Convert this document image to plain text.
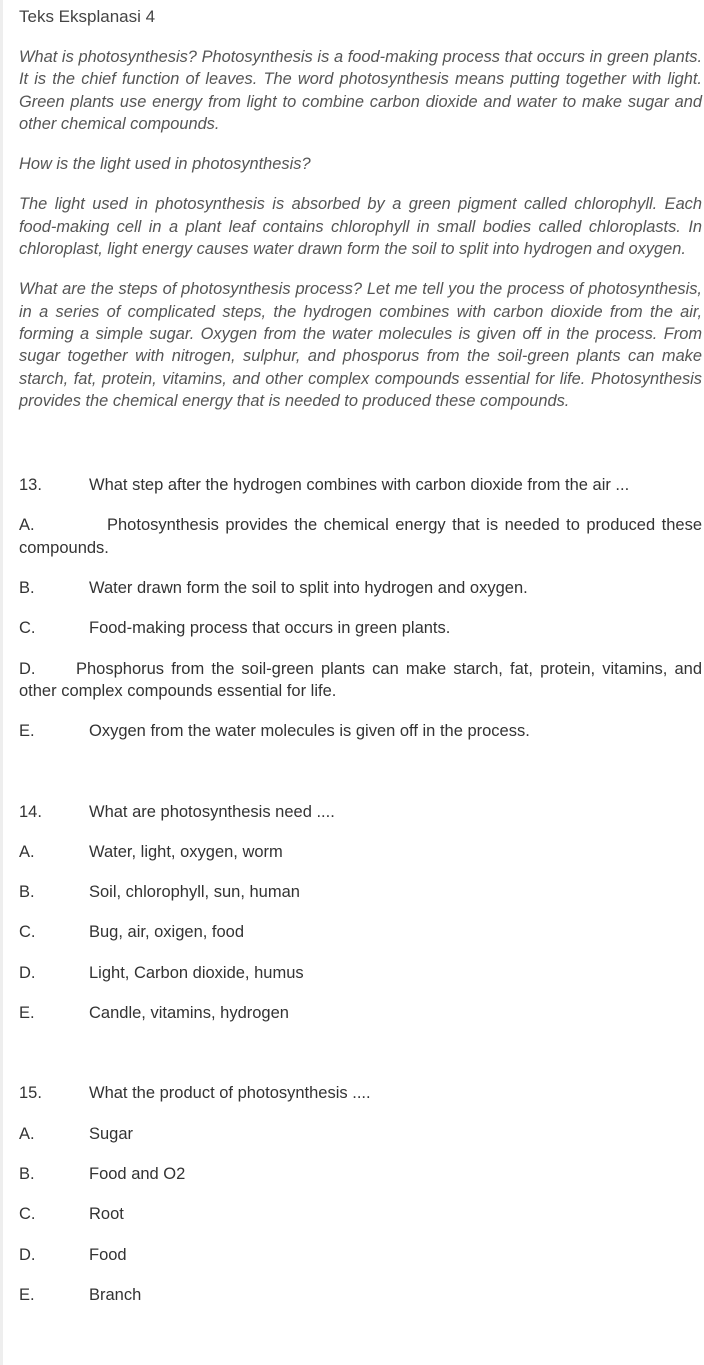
Teks Eksplanasi 4

What is photosynthesis? Photosynthesis is a food-making process that occurs in green plants. It is the chief function of leaves. The word photosynthesis means putting together with light. Green plants use energy from light to combine carbon dioxide and water to make sugar and other chemical compounds.

How is the light used in photosynthesis?

The light used in photosynthesis is absorbed by a green pigment called chlorophyll. Each food-making cell in a plant leaf contains chlorophyll in small bodies called chloroplasts. In chloroplast, light energy causes water drawn form the soil to split into hydrogen and oxygen.

What are the steps of photosynthesis process? Let me tell you the process of photosynthesis, in a series of complicated steps, the hydrogen combines with carbon dioxide from the air, forming a simple sugar. Oxygen from the water molecules is given off in the process. From sugar together with nitrogen, sulphur, and phosporus from the soil-green plants can make starch, fat, protein, vitamins, and other complex compounds essential for life. Photosynthesis provides the chemical energy that is needed to produced these compounds.

13.	What step after the hydrogen combines with carbon dioxide from the air ...
A.	Photosynthesis provides the chemical energy that is needed to produced these compounds.
B.	Water drawn form the soil to split into hydrogen and oxygen.
C.	Food-making process that occurs in green plants.
D. Phosphorus from the soil-green plants can make starch, fat, protein, vitamins, and other complex compounds essential for life.
E.	Oxygen from the water molecules is given off in the process.
14.	What are photosynthesis need ....
A.	Water, light, oxygen, worm
B.	Soil, chlorophyll, sun, human
C.	Bug, air, oxigen, food
D.	Light, Carbon dioxide, humus
E.	Candle, vitamins, hydrogen
15.	What the product of photosynthesis ....
A.	Sugar
B.	Food and O2
C.	Root
D.	Food
E.	Branch
